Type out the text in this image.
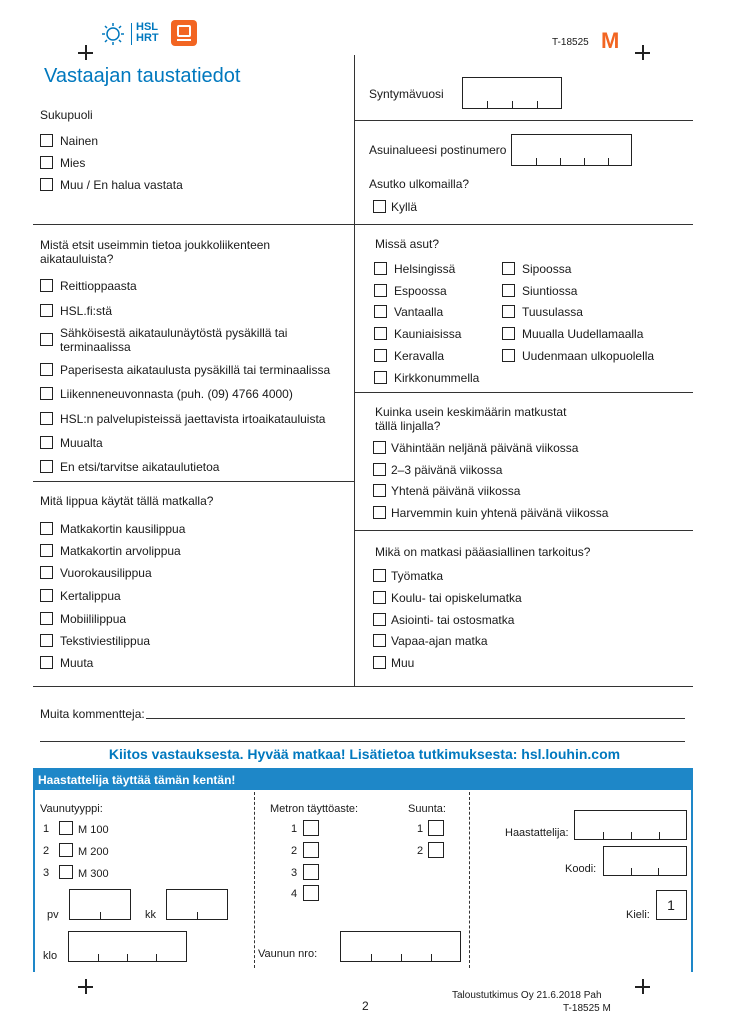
HSL
HRT	T-18525 M
Vastaajan taustatiedot
Sukupuoli
Nainen
Mies
Muu / En halua vastata
Syntymävuosi
Asuinalueesi postinumero
Asutko ulkomailla?
Kyllä
Mistä etsit useimmin tietoa joukkoliikenteen
aikatauluista?
Reittioppaasta
HSL.fi:stä
Sähköisestä aikataulunäytöstä pysäkillä tai
terminaalissa
Paperisesta aikataulusta pysäkillä tai terminaalissa
Liikenneneuvonnasta (puh. (09) 4766 4000)
HSL:n palvelupisteissä jaettavista irtoaikatauluista
Muualta
En etsi/tarvitse aikataulutietoa
Missä asut?
Helsingissä
Espoossa
Vantaalla
Kauniaisissa
Keravalla
Kirkkonummella
Sipoossa
Siuntiossa
Tuusulassa
Muualla Uudellamaalla
Uudenmaan ulkopuolella
Kuinka usein keskimäärin matkustat
tällä linjalla?
Vähintään neljänä päivänä viikossa
2–3 päivänä viikossa
Yhtenä päivänä viikossa
Harvemmin kuin yhtenä päivänä viikossa
Mitä lippua käytät tällä matkalla?
Matkakortin kausilippua
Matkakortin arvolippua
Vuorokausilippua
Kertalippua
Mobiililippua
Tekstiviestilippua
Muuta
Mikä on matkasi pääasiallinen tarkoitus?
Työmatka
Koulu- tai opiskelumatka
Asiointi- tai ostosmatka
Vapaa-ajan matka
Muu
Muita kommentteja:
Kiitos vastauksesta. Hyvää matkaa! Lisätietoa tutkimuksesta: hsl.louhin.com
Haastattelija täyttää tämän kentän!
Vaunutyyppi:
1	M 100
2	M 200
3	M 300
pv	kk
klo
Metron täyttöaste:	Suunta:
1
2
3
4
1
2
Vaunun nro:
Haastattelija:
Koodi:
Kieli:
1
2
Taloustutkimus Oy 21.6.2018 Pah
T-18525 M
